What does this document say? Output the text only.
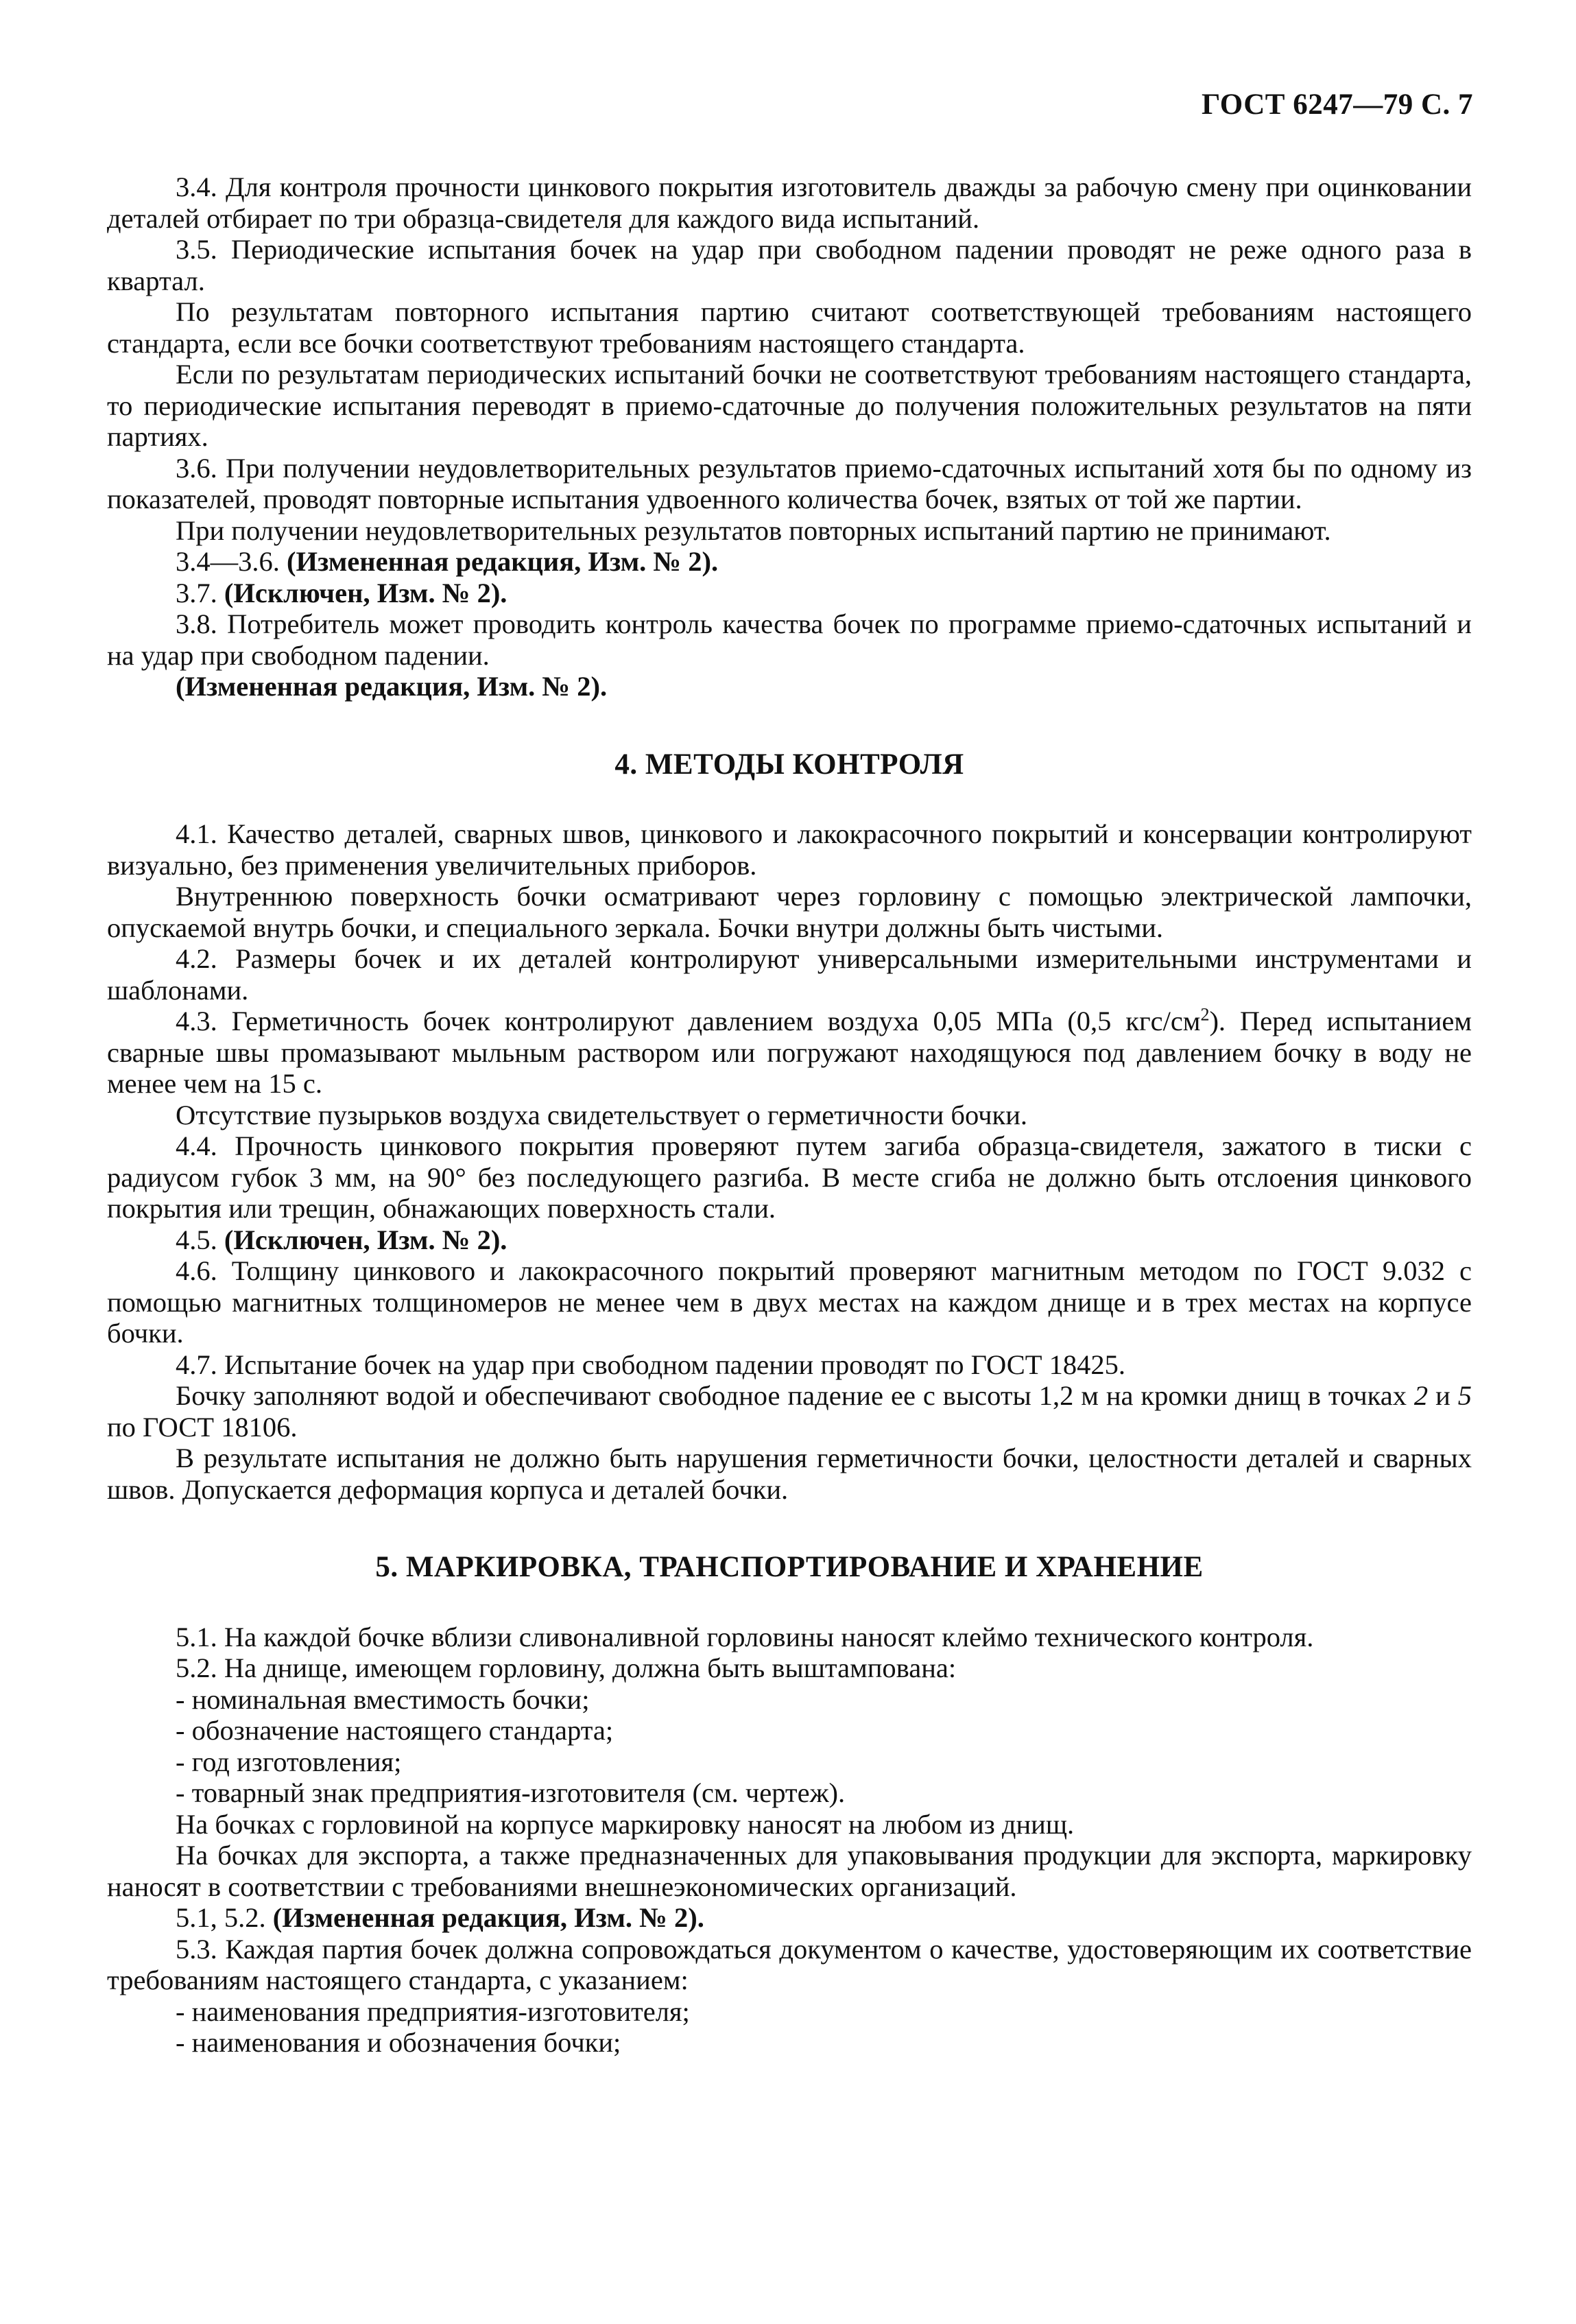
ГОСТ 6247—79 С. 7

3.4. Для контроля прочности цинкового покрытия изготовитель дважды за рабочую смену при оцинковании деталей отбирает по три образца-свидетеля для каждого вида испытаний.

3.5. Периодические испытания бочек на удар при свободном падении проводят не реже одного раза в квартал.

По результатам повторного испытания партию считают соответствующей требованиям настоящего стандарта, если все бочки соответствуют требованиям настоящего стандарта.

Если по результатам периодических испытаний бочки не соответствуют требованиям настоящего стандарта, то периодические испытания переводят в приемо-сдаточные до получения положительных результатов на пяти партиях.

3.6. При получении неудовлетворительных результатов приемо-сдаточных испытаний хотя бы по одному из показателей, проводят повторные испытания удвоенного количества бочек, взятых от той же партии.

При получении неудовлетворительных результатов повторных испытаний партию не принимают.

3.4—3.6. (Измененная редакция, Изм. № 2).

3.7. (Исключен, Изм. № 2).

3.8. Потребитель может проводить контроль качества бочек по программе приемо-сдаточных испытаний и на удар при свободном падении.

(Измененная редакция, Изм. № 2).

4. МЕТОДЫ КОНТРОЛЯ

4.1. Качество деталей, сварных швов, цинкового и лакокрасочного покрытий и консервации контролируют визуально, без применения увеличительных приборов.

Внутреннюю поверхность бочки осматривают через горловину с помощью электрической лампочки, опускаемой внутрь бочки, и специального зеркала. Бочки внутри должны быть чистыми.

4.2. Размеры бочек и их деталей контролируют универсальными измерительными инструментами и шаблонами.

4.3. Герметичность бочек контролируют давлением воздуха 0,05 МПа (0,5 кгс/$см^2$). Перед испытанием сварные швы промазывают мыльным раствором или погружают находящуюся под давлением бочку в воду не менее чем на 15 с.

Отсутствие пузырьков воздуха свидетельствует о герметичности бочки.

4.4. Прочность цинкового покрытия проверяют путем загиба образца-свидетеля, зажатого в тиски с радиусом губок 3 мм, на 90° без последующего разгиба. В месте сгиба не должно быть отслоения цинкового покрытия или трещин, обнажающих поверхность стали.

4.5. (Исключен, Изм. № 2).

4.6. Толщину цинкового и лакокрасочного покрытий проверяют магнитным методом по ГОСТ 9.032 с помощью магнитных толщиномеров не менее чем в двух местах на каждом днище и в трех местах на корпусе бочки.

4.7. Испытание бочек на удар при свободном падении проводят по ГОСТ 18425.

Бочку заполняют водой и обеспечивают свободное падение ее с высоты 1,2 м на кромки днищ в точках 2 и 5 по ГОСТ 18106.

В результате испытания не должно быть нарушения герметичности бочки, целостности деталей и сварных швов. Допускается деформация корпуса и деталей бочки.

5. МАРКИРОВКА, ТРАНСПОРТИРОВАНИЕ И ХРАНЕНИЕ

5.1. На каждой бочке вблизи сливоналивной горловины наносят клеймо технического контроля.

5.2. На днище, имеющем горловину, должна быть выштампована:

- номинальная вместимость бочки;

- обозначение настоящего стандарта;

- год изготовления;

- товарный знак предприятия-изготовителя (см. чертеж).

На бочках с горловиной на корпусе маркировку наносят на любом из днищ.

На бочках для экспорта, а также предназначенных для упаковывания продукции для экспорта, маркировку наносят в соответствии с требованиями внешнеэкономических организаций.

5.1, 5.2. (Измененная редакция, Изм. № 2).

5.3. Каждая партия бочек должна сопровождаться документом о качестве, удостоверяющим их соответствие требованиям настоящего стандарта, с указанием:

- наименования предприятия-изготовителя;

- наименования и обозначения бочки;
